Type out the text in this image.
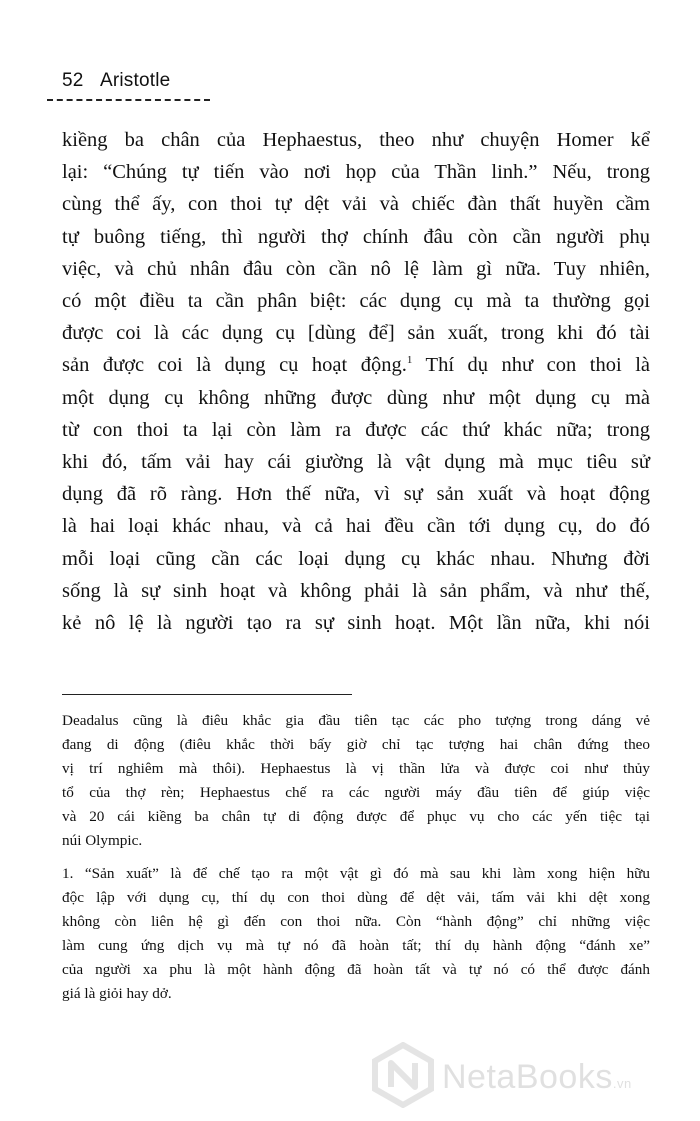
52 Aristotle

kiềng ba chân của Hephaestus, theo như chuyện Homer kể

lại: “Chúng tự tiến vào nơi họp của Thần linh.” Nếu, trong

cùng thể ấy, con thoi tự dệt vải và chiếc đàn thất huyền cầm

tự buông tiếng, thì người thợ chính đâu còn cần người phụ

việc, và chủ nhân đâu còn cần nô lệ làm gì nữa. Tuy nhiên,

có một điều ta cần phân biệt: các dụng cụ mà ta thường gọi

được coi là các dụng cụ [dùng để] sản xuất, trong khi đó tài

sản được coi là dụng cụ hoạt động.$^1$ Thí dụ như con thoi là

một dụng cụ không những được dùng như một dụng cụ mà

từ con thoi ta lại còn làm ra được các thứ khác nữa; trong

khi đó, tấm vải hay cái giường là vật dụng mà mục tiêu sử

dụng đã rõ ràng. Hơn thế nữa, vì sự sản xuất và hoạt động

là hai loại khác nhau, và cả hai đều cần tới dụng cụ, do đó

mỗi loại cũng cần các loại dụng cụ khác nhau. Nhưng đời

sống là sự sinh hoạt và không phải là sản phẩm, và như thế,

kẻ nô lệ là người tạo ra sự sinh hoạt. Một lần nữa, khi nói

Deadalus cũng là điêu khắc gia đầu tiên tạc các pho tượng trong dáng vẻ
đang di động (điêu khắc thời bấy giờ chỉ tạc tượng hai chân đứng theo
vị trí nghiêm mà thôi). Hephaestus là vị thần lửa và được coi như thủy
tổ của thợ rèn; Hephaestus chế ra các người máy đầu tiên để giúp việc
và 20 cái kiềng ba chân tự di động được để phục vụ cho các yến tiệc tại
núi Olympic.
1. “Sản xuất” là để chế tạo ra một vật gì đó mà sau khi làm xong hiện hữu
độc lập với dụng cụ, thí dụ con thoi dùng để dệt vải, tấm vải khi dệt xong
không còn liên hệ gì đến con thoi nữa. Còn “hành động” chỉ những việc
làm cung ứng dịch vụ mà tự nó đã hoàn tất; thí dụ hành động “đánh xe”
của người xa phu là một hành động đã hoàn tất và tự nó có thể được đánh
giá là giỏi hay dở.
NetaBooks.vn
